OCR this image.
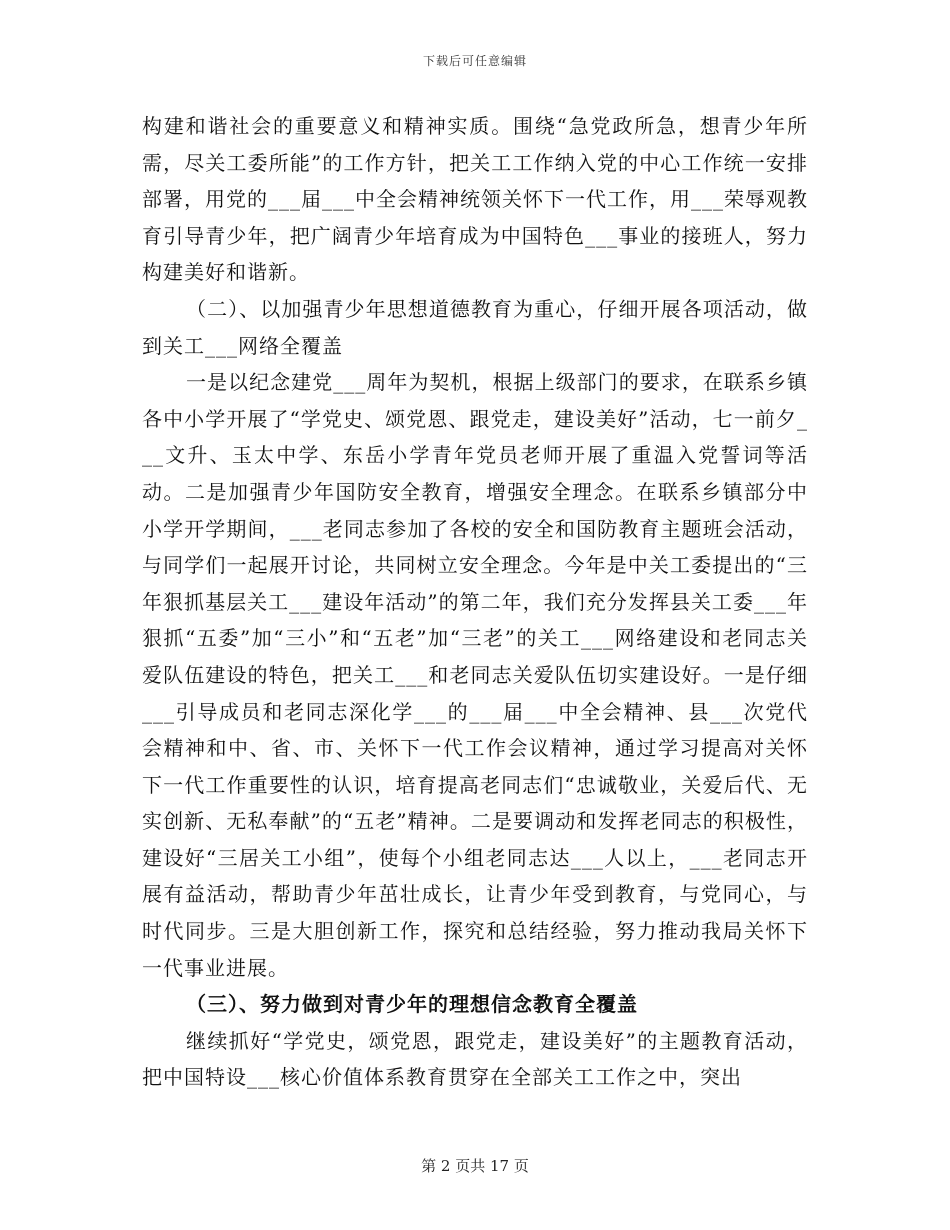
下载后可任意编辑

构建和谐社会的重要意义和精神实质。围绕“急党政所急，想青少年所需，尽关工委所能”的工作方针，把关工工作纳入党的中心工作统一安排部署，用党的___届___中全会精神统领关怀下一代工作，用___荣辱观教育引导青少年，把广阔青少年培育成为中国特色___事业的接班人，努力构建美好和谐新。

（二）、以加强青少年思想道德教育为重心，仔细开展各项活动，做到关工___网络全覆盖

一是以纪念建党___周年为契机，根据上级部门的要求，在联系乡镇各中小学开展了“学党史、颂党恩、跟党走，建设美好”活动，七一前夕___文升、玉太中学、东岳小学青年党员老师开展了重温入党誓词等活动。二是加强青少年国防安全教育，增强安全理念。在联系乡镇部分中小学开学期间，___老同志参加了各校的安全和国防教育主题班会活动，与同学们一起展开讨论，共同树立安全理念。今年是中关工委提出的“三年狠抓基层关工___建设年活动”的第二年，我们充分发挥县关工委___年狠抓“五委”加“三小”和“五老”加“三老”的关工___网络建设和老同志关爱队伍建设的特色，把关工___和老同志关爱队伍切实建设好。一是仔细___引导成员和老同志深化学___的___届___中全会精神、县___次党代会精神和中、省、市、关怀下一代工作会议精神，通过学习提高对关怀下一代工作重要性的认识，培育提高老同志们“忠诚敬业，关爱后代、无实创新、无私奉献”的“五老”精神。二是要调动和发挥老同志的积极性，建设好“三居关工小组”，使每个小组老同志达___人以上，___老同志开展有益活动，帮助青少年茁壮成长，让青少年受到教育，与党同心，与时代同步。三是大胆创新工作，探究和总结经验，努力推动我局关怀下一代事业进展。

（三）、努力做到对青少年的理想信念教育全覆盖

继续抓好“学党史，颂党恩，跟党走，建设美好”的主题教育活动，把中国特设___核心价值体系教育贯穿在全部关工工作之中，突出

第 2 页共 17 页
